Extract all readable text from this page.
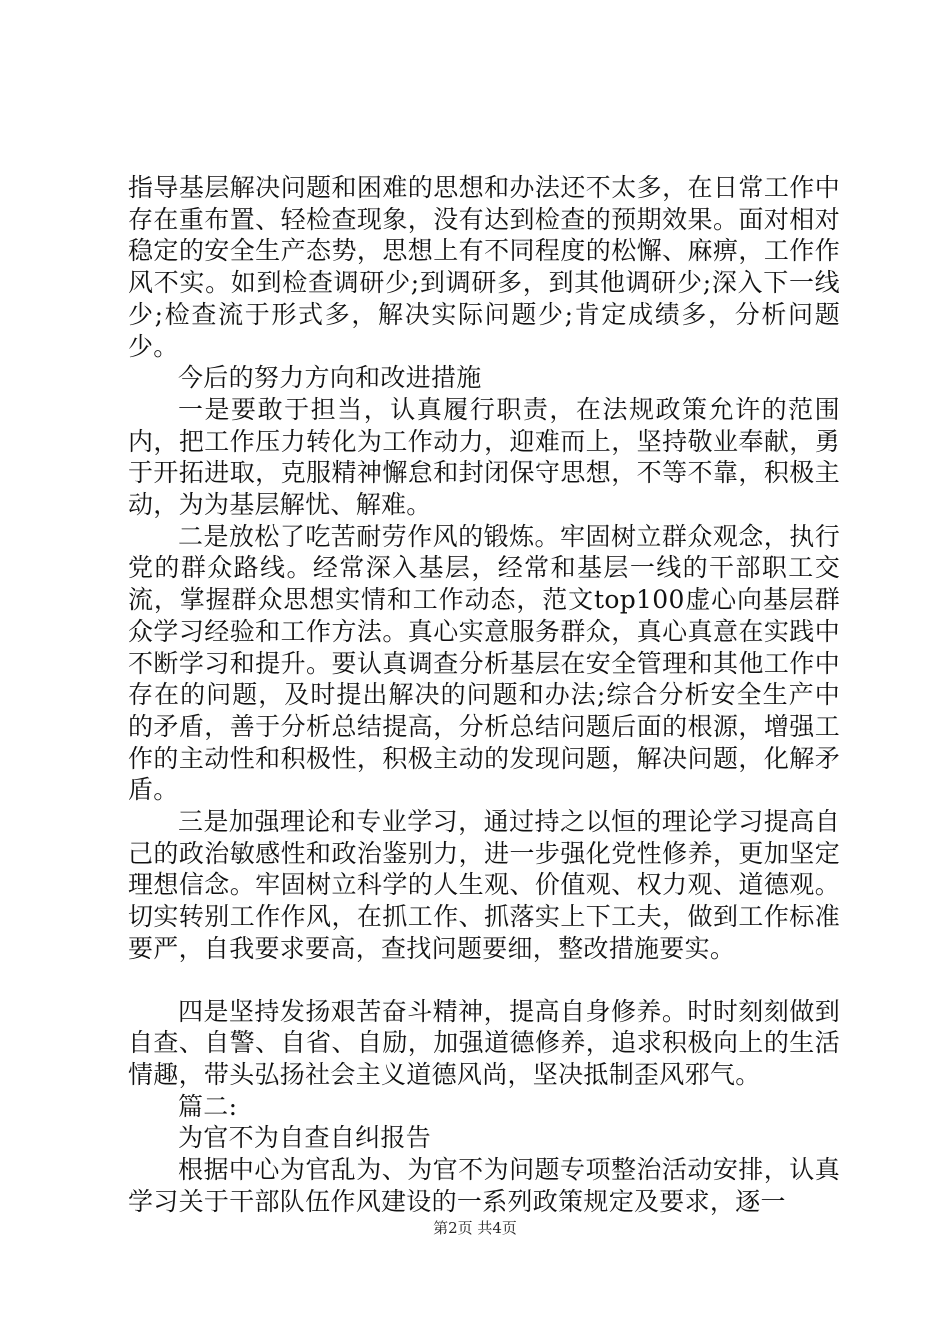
指导基层解决问题和困难的思想和办法还不太多，在日常工作中存在重布置、轻检查现象，没有达到检查的预期效果。面对相对稳定的安全生产态势，思想上有不同程度的松懈、麻痹，工作作风不实。如到检查调研少;到调研多，到其他调研少;深入下一线少;检查流于形式多，解决实际问题少;肯定成绩多，分析问题少。

今后的努力方向和改进措施

一是要敢于担当，认真履行职责，在法规政策允许的范围内，把工作压力转化为工作动力，迎难而上，坚持敬业奉献，勇于开拓进取，克服精神懈怠和封闭保守思想，不等不靠，积极主动，为为基层解忧、解难。

二是放松了吃苦耐劳作风的锻炼。牢固树立群众观念，执行党的群众路线。经常深入基层，经常和基层一线的干部职工交流，掌握群众思想实情和工作动态，范文top100虚心向基层群众学习经验和工作方法。真心实意服务群众，真心真意在实践中不断学习和提升。要认真调查分析基层在安全管理和其他工作中存在的问题，及时提出解决的问题和办法;综合分析安全生产中的矛盾，善于分析总结提高，分析总结问题后面的根源，增强工作的主动性和积极性，积极主动的发现问题，解决问题，化解矛盾。

三是加强理论和专业学习，通过持之以恒的理论学习提高自己的政治敏感性和政治鉴别力，进一步强化党性修养，更加坚定理想信念。牢固树立科学的人生观、价值观、权力观、道德观。切实转别工作作风，在抓工作、抓落实上下工夫，做到工作标准要严，自我要求要高，查找问题要细，整改措施要实。

四是坚持发扬艰苦奋斗精神，提高自身修养。时时刻刻做到自查、自警、自省、自励，加强道德修养，追求积极向上的生活情趣，带头弘扬社会主义道德风尚，坚决抵制歪风邪气。

篇二:

为官不为自查自纠报告

根据中心为官乱为、为官不为问题专项整治活动安排，认真学习关于干部队伍作风建设的一系列政策规定及要求，逐一

第2页 共4页
